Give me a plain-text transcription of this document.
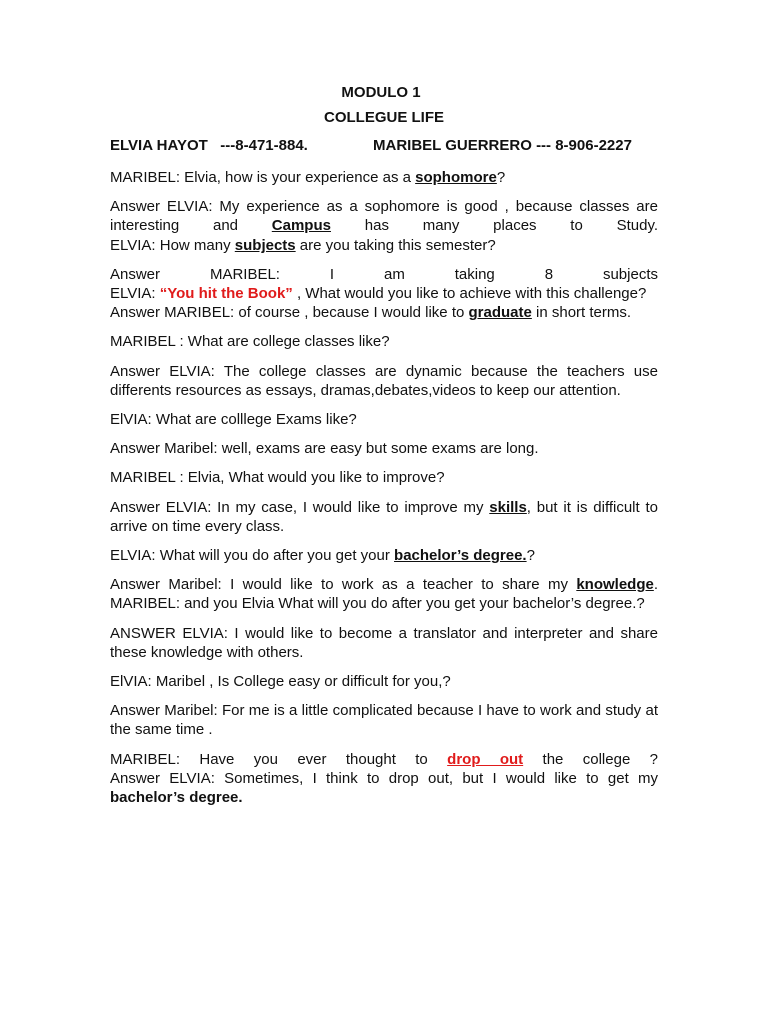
MODULO 1
COLLEGUE LIFE
ELVIA HAYOT   ---8-471-884.	MARIBEL GUERRERO --- 8-906-2227

MARIBEL: Elvia, how is your experience as a sophomore?

Answer ELVIA: My experience as a sophomore is good , because classes are interesting and Campus has many places to Study.
ELVIA: How many subjects are you taking this semester?

Answer MARIBEL: I am taking 8 subjects
ELVIA: “You hit the Book” , What would you like to achieve with this challenge?
Answer MARIBEL: of course , because I would like to graduate in short terms.

MARIBEL : What are college classes like?

Answer ELVIA: The college classes are dynamic because the teachers use differents resources as essays, dramas,debates,videos to keep our attention.

ElVIA: What are colllege Exams like?

Answer Maribel: well, exams are easy but some exams are long.

MARIBEL : Elvia, What would you like to improve?

Answer ELVIA: In my case, I would like to improve my skills, but it is difficult to arrive on time every class.

ELVIA: What will you do after you get your bachelor’s degree.?

Answer Maribel: I would like to work as a teacher to share my knowledge.
MARIBEL: and you Elvia What will you do after you get your bachelor’s degree.?

ANSWER ELVIA: I would like to become a translator and interpreter and share these knowledge with others.

ElVIA: Maribel , Is College easy or difficult for you,?

Answer Maribel: For me is a little complicated because I have to work and study at the same time .

MARIBEL: Have you ever thought to drop out the college ?
Answer ELVIA: Sometimes, I think to drop out, but I would like to get my bachelor’s degree.
